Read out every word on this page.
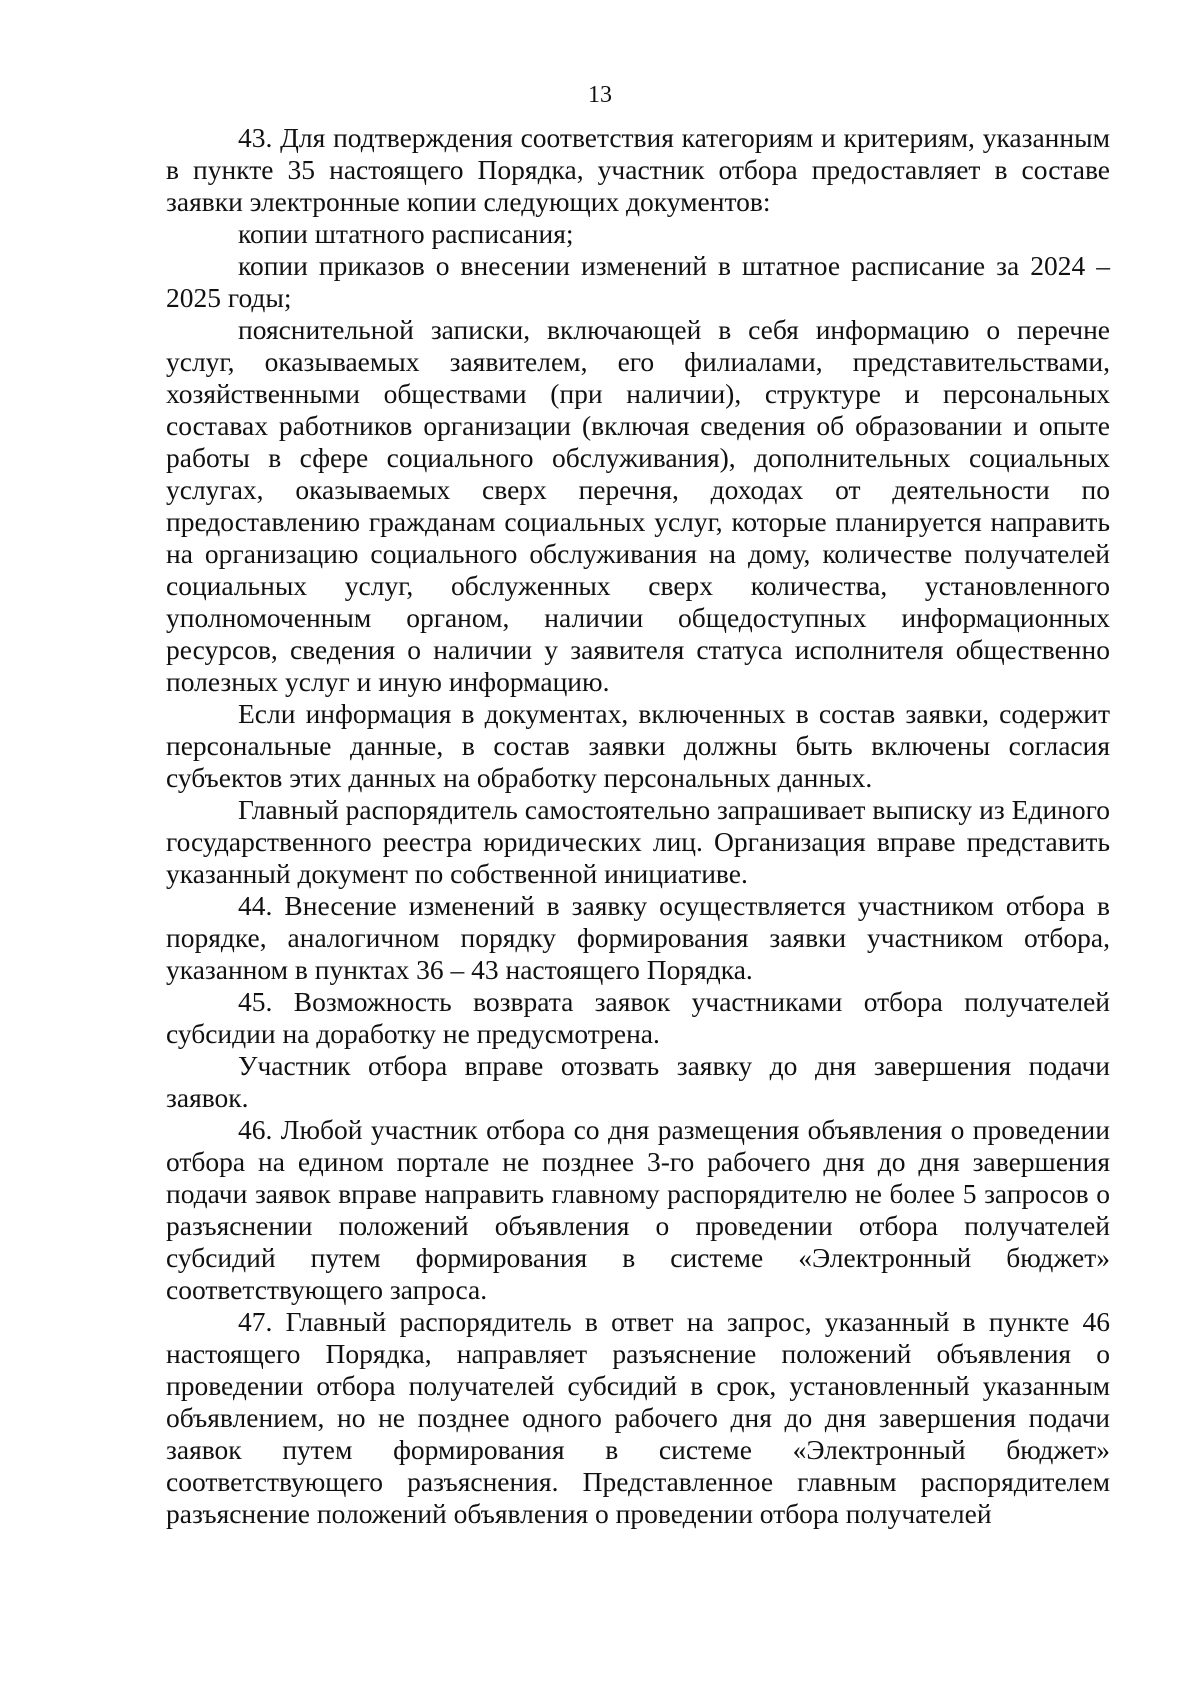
13

43. Для подтверждения соответствия категориям и критериям, указанным в пункте 35 настоящего Порядка, участник отбора предоставляет в составе заявки электронные копии следующих документов:

копии штатного расписания;

копии приказов о внесении изменений в штатное расписание за 2024 – 2025 годы;

пояснительной записки, включающей в себя информацию о перечне услуг, оказываемых заявителем, его филиалами, представительствами, хозяйственными обществами (при наличии), структуре и персональных составах работников организации (включая сведения об образовании и опыте работы в сфере социального обслуживания), дополнительных социальных услугах, оказываемых сверх перечня, доходах от деятельности по предоставлению гражданам социальных услуг, которые планируется направить на организацию социального обслуживания на дому, количестве получателей социальных услуг, обслуженных сверх количества, установленного уполномоченным органом, наличии общедоступных информационных ресурсов, сведения о наличии у заявителя статуса исполнителя общественно полезных услуг и иную информацию.

Если информация в документах, включенных в состав заявки, содержит персональные данные, в состав заявки должны быть включены согласия субъектов этих данных на обработку персональных данных.

Главный распорядитель самостоятельно запрашивает выписку из Единого государственного реестра юридических лиц. Организация вправе представить указанный документ по собственной инициативе.

44. Внесение изменений в заявку осуществляется участником отбора в порядке, аналогичном порядку формирования заявки участником отбора, указанном в пунктах 36 – 43 настоящего Порядка.

45. Возможность возврата заявок участниками отбора получателей субсидии на доработку не предусмотрена.

Участник отбора вправе отозвать заявку до дня завершения подачи заявок.

46. Любой участник отбора со дня размещения объявления о проведении отбора на едином портале не позднее 3-го рабочего дня до дня завершения подачи заявок вправе направить главному распорядителю не более 5 запросов о разъяснении положений объявления о проведении отбора получателей субсидий путем формирования в системе «Электронный бюджет» соответствующего запроса.

47. Главный распорядитель в ответ на запрос, указанный в пункте 46 настоящего Порядка, направляет разъяснение положений объявления о проведении отбора получателей субсидий в срок, установленный указанным объявлением, но не позднее одного рабочего дня до дня завершения подачи заявок путем формирования в системе «Электронный бюджет» соответствующего разъяснения. Представленное главным распорядителем разъяснение положений объявления о проведении отбора получателей
